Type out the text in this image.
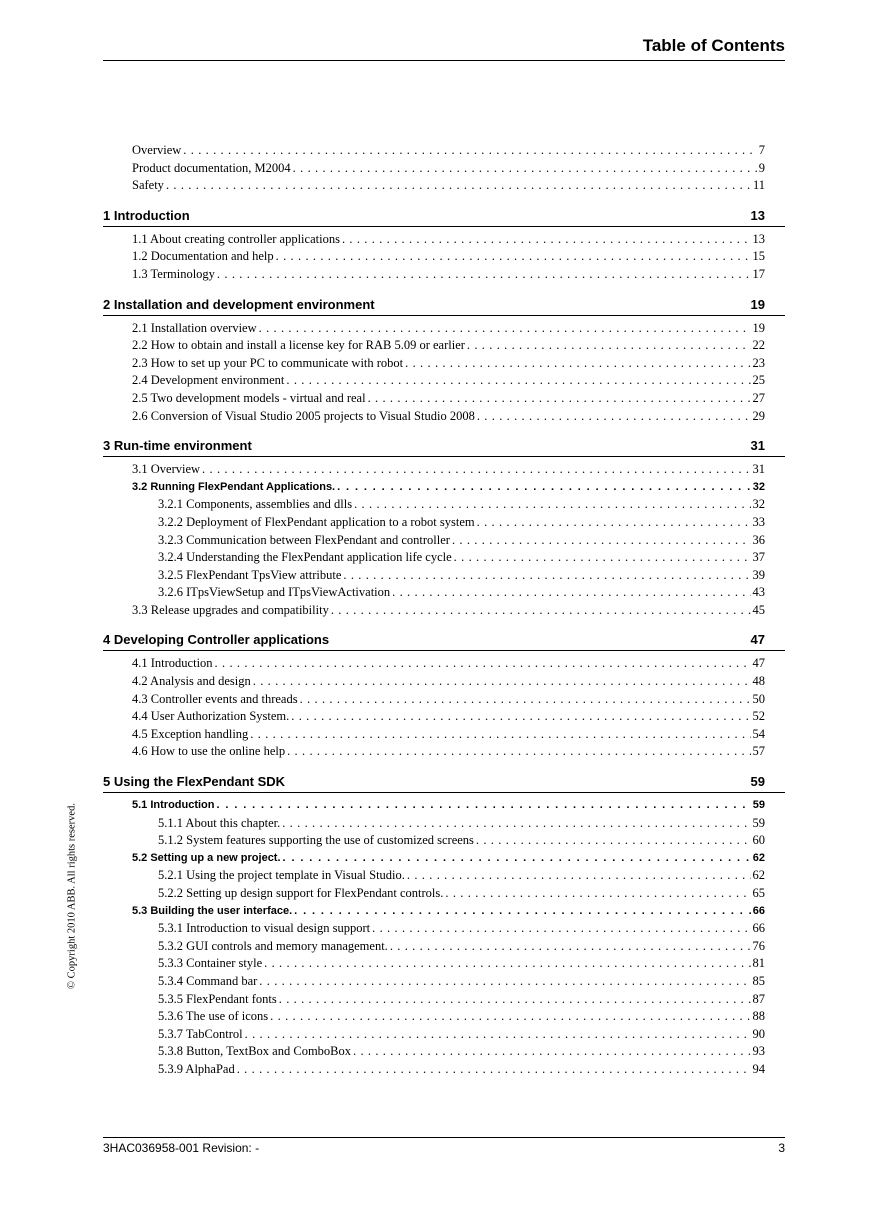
Table of Contents
© Copyright 2010 ABB. All rights reserved.
Overview . . .	7
Product documentation, M2004 . . .	9
Safety . . .	11
1 Introduction	13
1.1 About creating controller applications . . .	13
1.2 Documentation and help . . .	15
1.3 Terminology . . .	17
2 Installation and development environment	19
2.1 Installation overview . . .	19
2.2 How to obtain and install a license key for RAB 5.09 or earlier . . .	22
2.3 How to set up your PC to communicate with robot . . .	23
2.4 Development environment . . .	25
2.5 Two development models - virtual and real . . .	27
2.6 Conversion of Visual Studio 2005 projects to Visual Studio 2008 . . .	29
3 Run-time environment	31
3.1 Overview . . .	31
3.2 Running FlexPendant Applications. . . .	32
3.2.1 Components, assemblies and dlls . . .	32
3.2.2 Deployment of FlexPendant application to a robot system . . .	33
3.2.3 Communication between FlexPendant and controller . . .	36
3.2.4 Understanding the FlexPendant application life cycle . . .	37
3.2.5 FlexPendant TpsView attribute . . .	39
3.2.6 ITpsViewSetup and ITpsViewActivation . . .	43
3.3 Release upgrades and compatibility . . .	45
4 Developing Controller applications	47
4.1 Introduction . . .	47
4.2 Analysis and design . . .	48
4.3 Controller events and threads . . .	50
4.4 User Authorization System. . . .	52
4.5 Exception handling . . .	54
4.6 How to use the online help . . .	57
5 Using the FlexPendant SDK	59
5.1 Introduction . . .	59
5.1.1 About this chapter. . . .	59
5.1.2 System features supporting the use of customized screens . . .	60
5.2 Setting up a new project. . . .	62
5.2.1 Using the project template in Visual Studio. . . .	62
5.2.2 Setting up design support for FlexPendant controls. . . .	65
5.3 Building the user interface. . . .	66
5.3.1 Introduction to visual design support . . .	66
5.3.2 GUI controls and memory management. . . .	76
5.3.3 Container style . . .	81
5.3.4 Command bar . . .	85
5.3.5 FlexPendant fonts . . .	87
5.3.6 The use of icons . . .	88
5.3.7 TabControl . . .	90
5.3.8 Button, TextBox and ComboBox . . .	93
5.3.9 AlphaPad . . .	94
3HAC036958-001 Revision: -	3
